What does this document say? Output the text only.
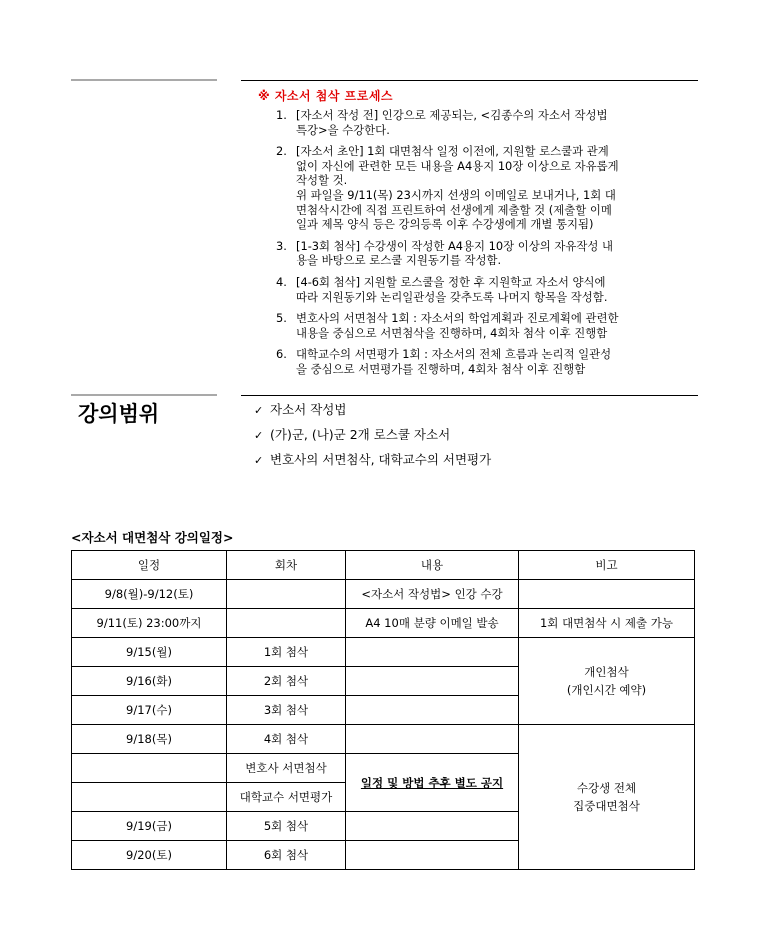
※ 자소서 첨삭 프로세스
1. [자소서 작성 전] 인강으로 제공되는, <김종수의 자소서 작성법
특강>을 수강한다.
2. [자소서 초안] 1회 대면첨삭 일정 이전에, 지원할 로스쿨과 관계
없이 자신에 관련한 모든 내용을 A4용지 10장 이상으로 자유롭게
작성할 것.
위 파일을 9/11(목) 23시까지 선생의 이메일로 보내거나, 1회 대
면첨삭시간에 직접 프린트하여 선생에게 제출할 것 (제출할 이메
일과 제목 양식 등은 강의등록 이후 수강생에게 개별 통지됨)
3. [1-3회 첨삭] 수강생이 작성한 A4용지 10장 이상의 자유작성 내
용을 바탕으로 로스쿨 지원동기를 작성함.
4. [4-6회 첨삭] 지원할 로스쿨을 정한 후 지원학교 자소서 양식에
따라 지원동기와 논리일관성을 갖추도록 나머지 항목을 작성함.
5. 변호사의 서면첨삭 1회 : 자소서의 학업계획과 진로계획에 관련한
내용을 중심으로 서면첨삭을 진행하며, 4회차 첨삭 이후 진행함
6. 대학교수의 서면평가 1회 : 자소서의 전체 흐름과 논리적 일관성
을 중심으로 서면평가를 진행하며, 4회차 첨삭 이후 진행함
강의범위	✓ 자소서 작성법
✓ (가)군, (나)군 2개 로스쿨 자소서
✓ 변호사의 서면첨삭, 대학교수의 서면평가
<자소서 대면첨삭 강의일정>
일정	회차	내용	비고
9/8(월)-9/12(토)		<자소서 작성법> 인강 수강	
9/11(토) 23:00까지		A4 10매 분량 이메일 발송	1회 대면첨삭 시 제출 가능
9/15(월)	1회 첨삭		개인첨삭
(개인시간 예약)

9/16(화)	2회 첨삭		
9/17(수)	3회 첨삭		
9/18(목)	4회 첨삭		수강생 전체
집중대면첨삭

	변호사 서면첨삭	일정 및 방법 추후 별도 공지	
	대학교수 서면평가		
9/19(금)	5회 첨삭		
9/20(토)	6회 첨삭		
